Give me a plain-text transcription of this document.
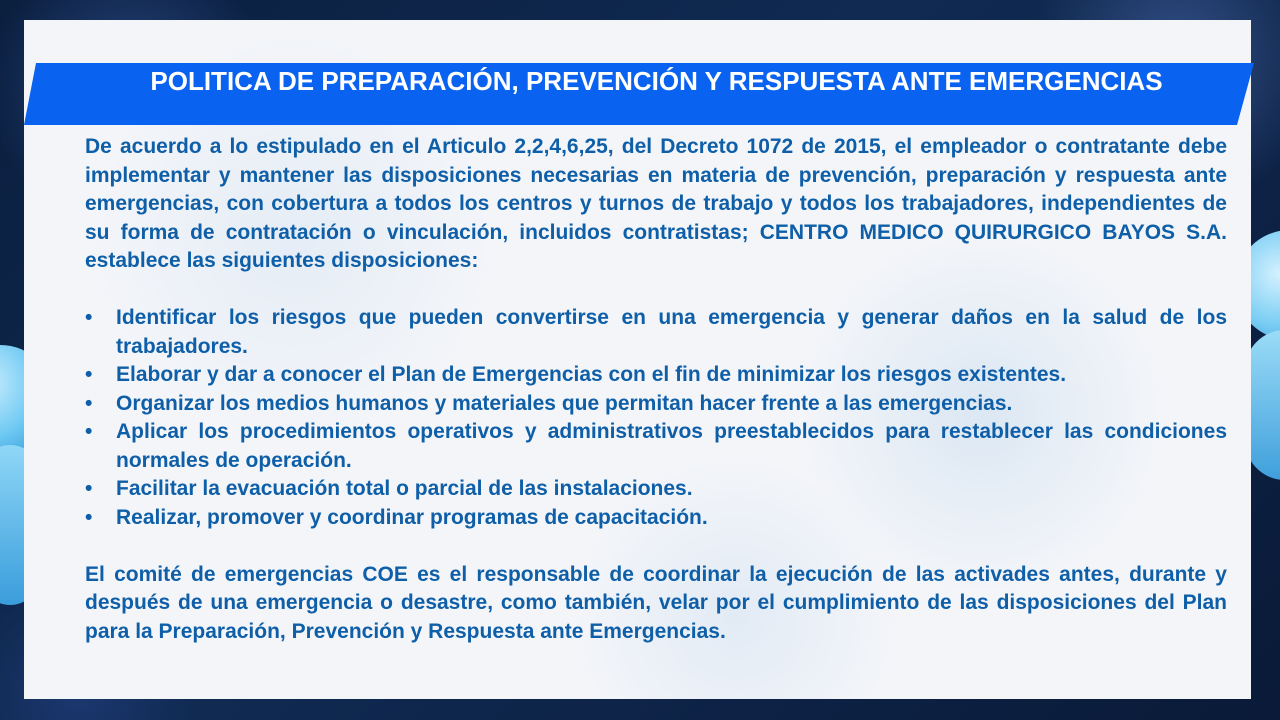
POLITICA DE PREPARACIÓN, PREVENCIÓN Y RESPUESTA ANTE EMERGENCIAS

De acuerdo a lo estipulado en el Articulo 2,2,4,6,25, del Decreto 1072 de 2015, el empleador o contratante debe implementar y mantener las disposiciones necesarias en materia de prevención, preparación y respuesta ante emergencias, con cobertura a todos los centros y turnos de trabajo y todos los trabajadores, independientes de su forma de contratación o vinculación, incluidos contratistas; CENTRO MEDICO QUIRURGICO BAYOS S.A. establece las siguientes disposiciones:

• Identificar los riesgos que pueden convertirse en una emergencia y generar daños en la salud de los trabajadores.
• Elaborar y dar a conocer el Plan de Emergencias con el fin de minimizar los riesgos existentes.
• Organizar los medios humanos y materiales que permitan hacer frente a las emergencias.
• Aplicar los procedimientos operativos y administrativos preestablecidos para restablecer las condiciones normales de operación.
• Facilitar la evacuación total o parcial de las instalaciones.
• Realizar, promover y coordinar programas de capacitación.

El comité de emergencias COE es el responsable de coordinar la ejecución de las activades antes, durante y después de una emergencia o desastre, como también, velar por el cumplimiento de las disposiciones del Plan para la Preparación, Prevención y Respuesta ante Emergencias.
